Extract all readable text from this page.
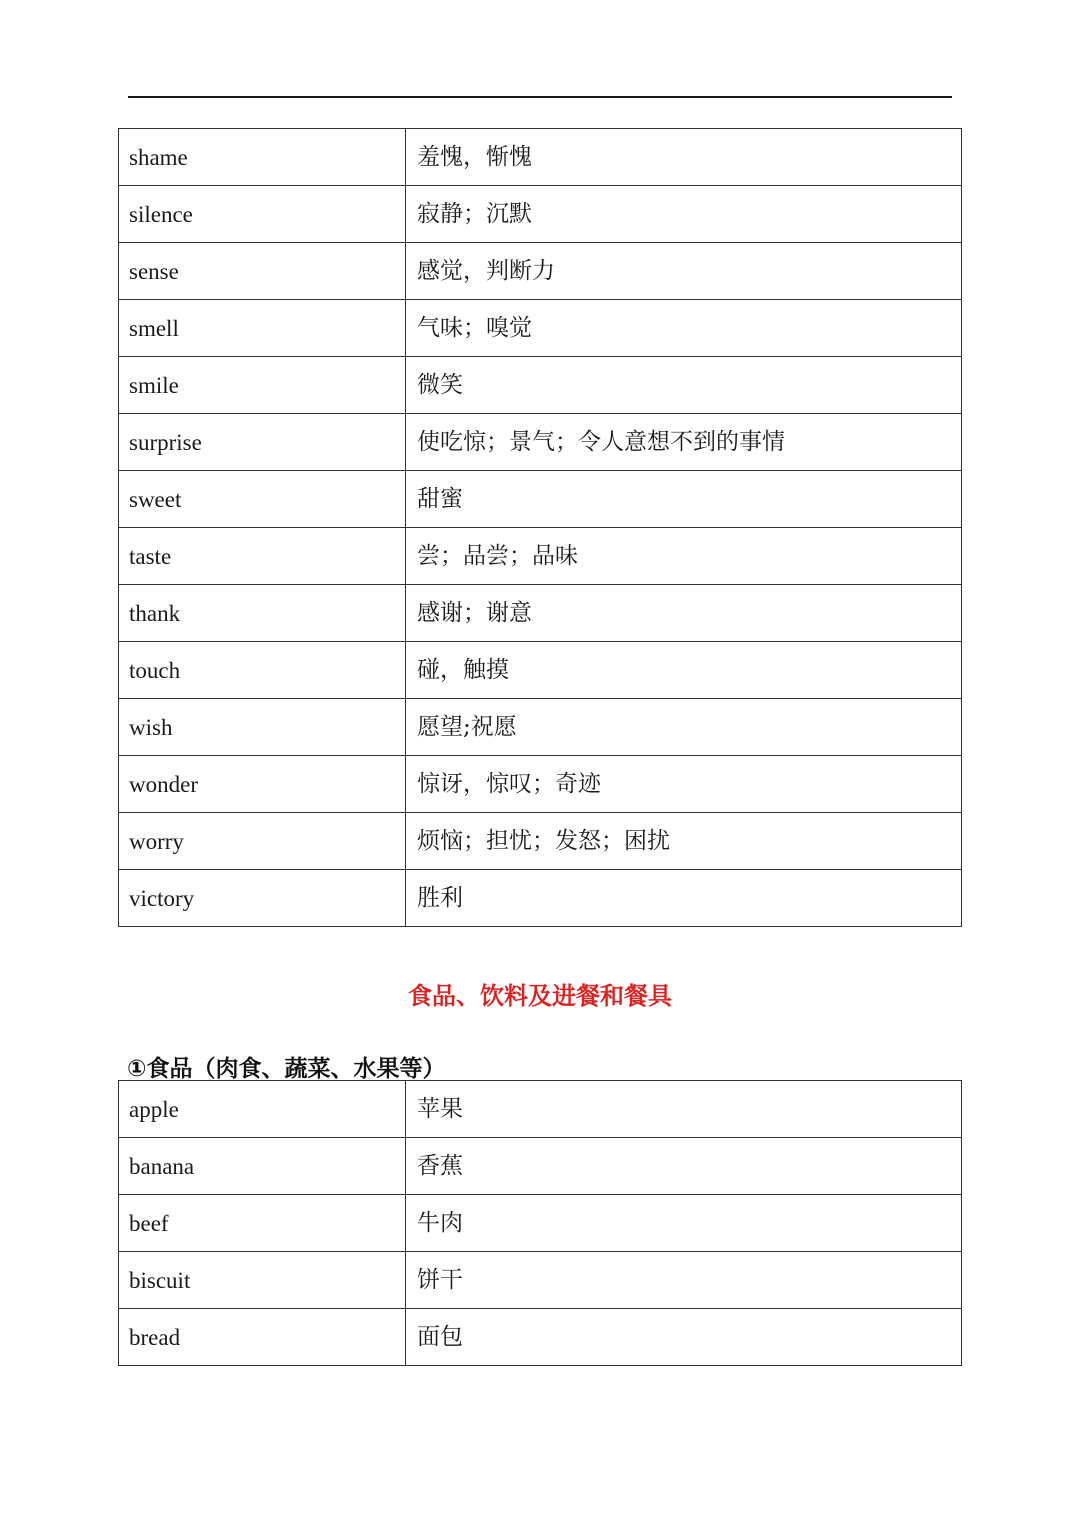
shame	羞愧，惭愧
silence	寂静；沉默
sense	感觉，判断力
smell	气味；嗅觉
smile	微笑
surprise	使吃惊；景气；令人意想不到的事情
sweet	甜蜜
taste	尝；品尝；品味
thank	感谢；谢意
touch	碰，触摸
wish	愿望;祝愿
wonder	惊讶，惊叹；奇迹
worry	烦恼；担忧；发怒；困扰
victory	胜利
食品、饮料及进餐和餐具
①食品（肉食、蔬菜、水果等）
apple	苹果
banana	香蕉
beef	牛肉
biscuit	饼干
bread	面包
